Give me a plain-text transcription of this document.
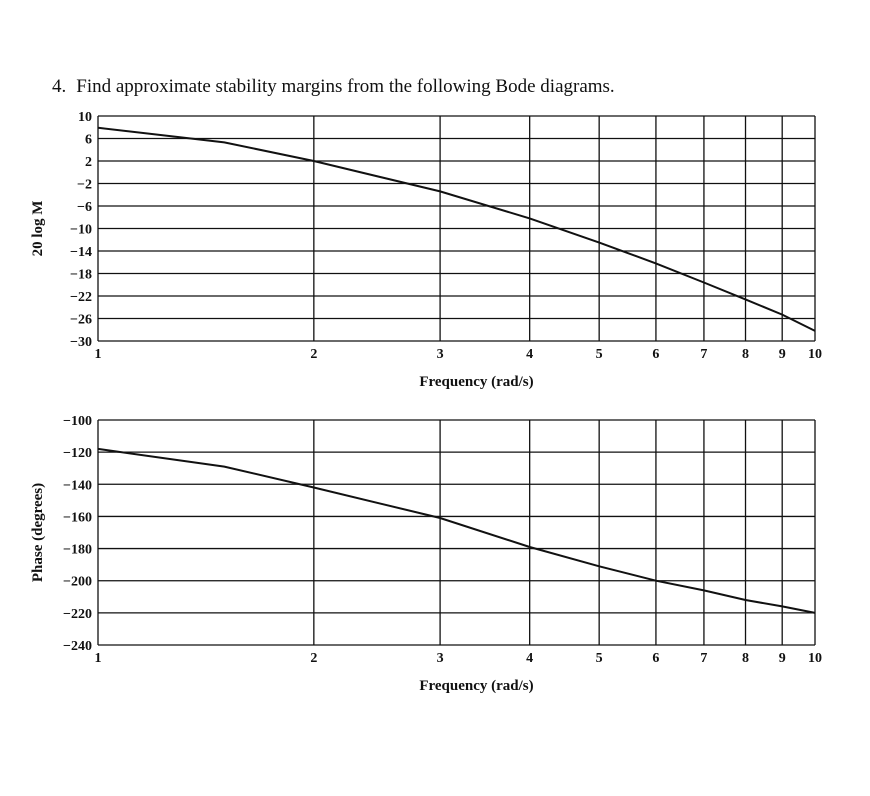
4. Find approximate stability margins from the following Bode diagrams.
10
6
2
−2
−6
−10
−14
−18
−22
−26
−30
1	2	3	4	5	6	7 8 9 10
Frequency (rad/s)
20 log M
−100
−120
−140
−160
−180
−200
−220
−240
1	2	3	4	5	6	7 8 9 10
Frequency (rad/s)
Phase (degrees)
